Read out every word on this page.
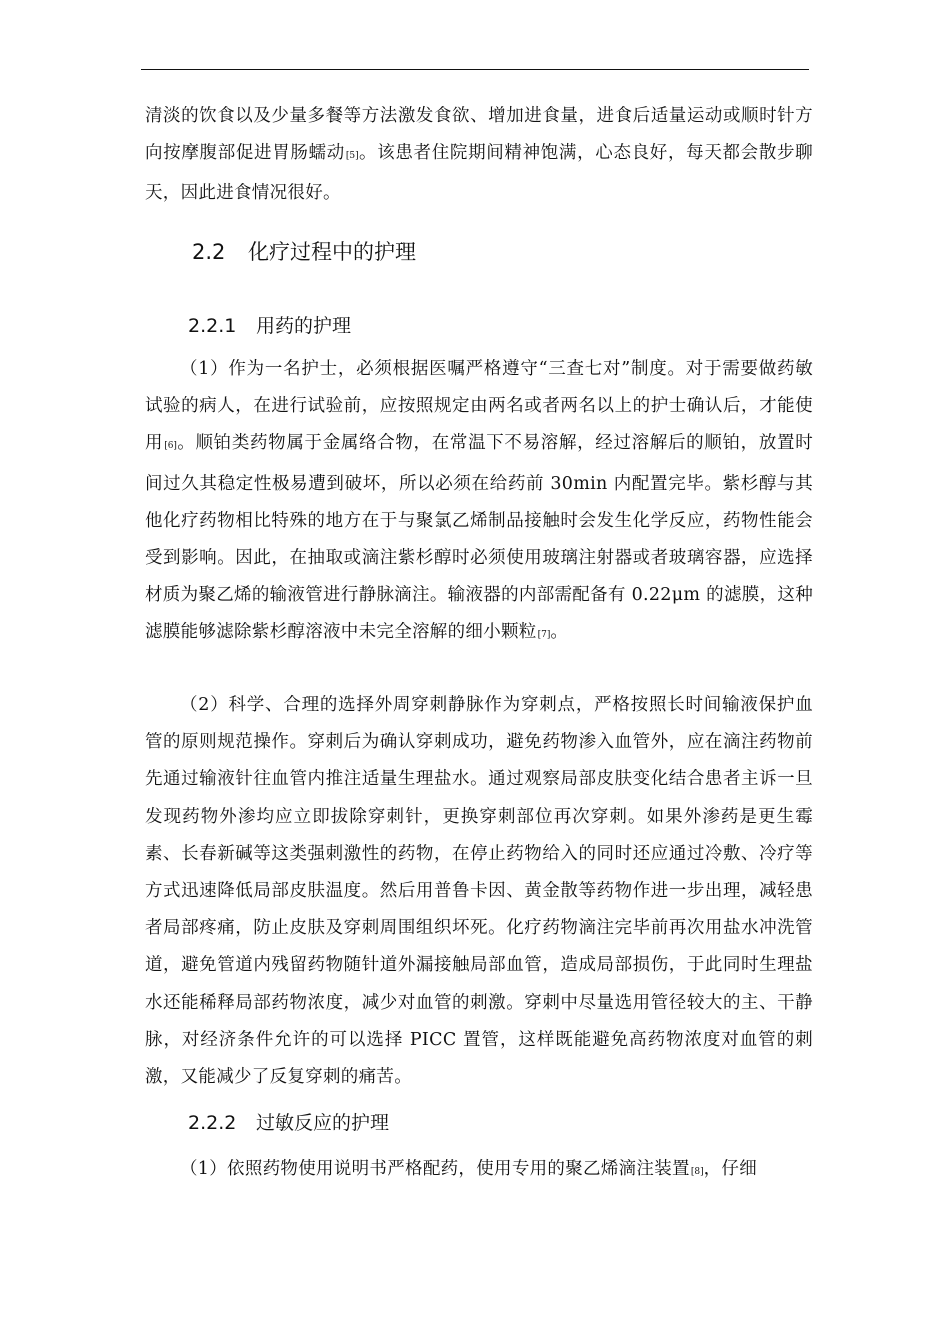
清淡的饮食以及少量多餐等方法激发食欲、增加进食量，进食后适量运动或顺时针方向按摩腹部促进胃肠蠕动[5]。该患者住院期间精神饱满，心态良好，每天都会散步聊天，因此进食情况很好。

2.2 化疗过程中的护理
2.2.1 用药的护理

（1）作为一名护士，必须根据医嘱严格遵守“三查七对”制度。对于需要做药敏试验的病人，在进行试验前，应按照规定由两名或者两名以上的护士确认后，才能使用[6]。顺铂类药物属于金属络合物，在常温下不易溶解，经过溶解后的顺铂，放置时间过久其稳定性极易遭到破坏，所以必须在给药前 30min 内配置完毕。紫杉醇与其他化疗药物相比特殊的地方在于与聚氯乙烯制品接触时会发生化学反应，药物性能会受到影响。因此，在抽取或滴注紫杉醇时必须使用玻璃注射器或者玻璃容器，应选择材质为聚乙烯的输液管进行静脉滴注。输液器的内部需配备有 0.22μm 的滤膜，这种滤膜能够滤除紫杉醇溶液中未完全溶解的细小颗粒[7]。

（2）科学、合理的选择外周穿刺静脉作为穿刺点，严格按照长时间输液保护血管的原则规范操作。穿刺后为确认穿刺成功，避免药物渗入血管外，应在滴注药物前先通过输液针往血管内推注适量生理盐水。通过观察局部皮肤变化结合患者主诉一旦发现药物外渗均应立即拔除穿刺针，更换穿刺部位再次穿刺。如果外渗药是更生霉素、长春新碱等这类强刺激性的药物，在停止药物给入的同时还应通过冷敷、冷疗等方式迅速降低局部皮肤温度。然后用普鲁卡因、黄金散等药物作进一步出理，减轻患者局部疼痛，防止皮肤及穿刺周围组织坏死。化疗药物滴注完毕前再次用盐水冲洗管道，避免管道内残留药物随针道外漏接触局部血管，造成局部损伤，于此同时生理盐水还能稀释局部药物浓度，减少对血管的刺激。穿刺中尽量选用管径较大的主、干静脉，对经济条件允许的可以选择 PICC 置管，这样既能避免高药物浓度对血管的刺激，又能减少了反复穿刺的痛苦。

2.2.2 过敏反应的护理

（1）依照药物使用说明书严格配药，使用专用的聚乙烯滴注装置[8]，仔细
